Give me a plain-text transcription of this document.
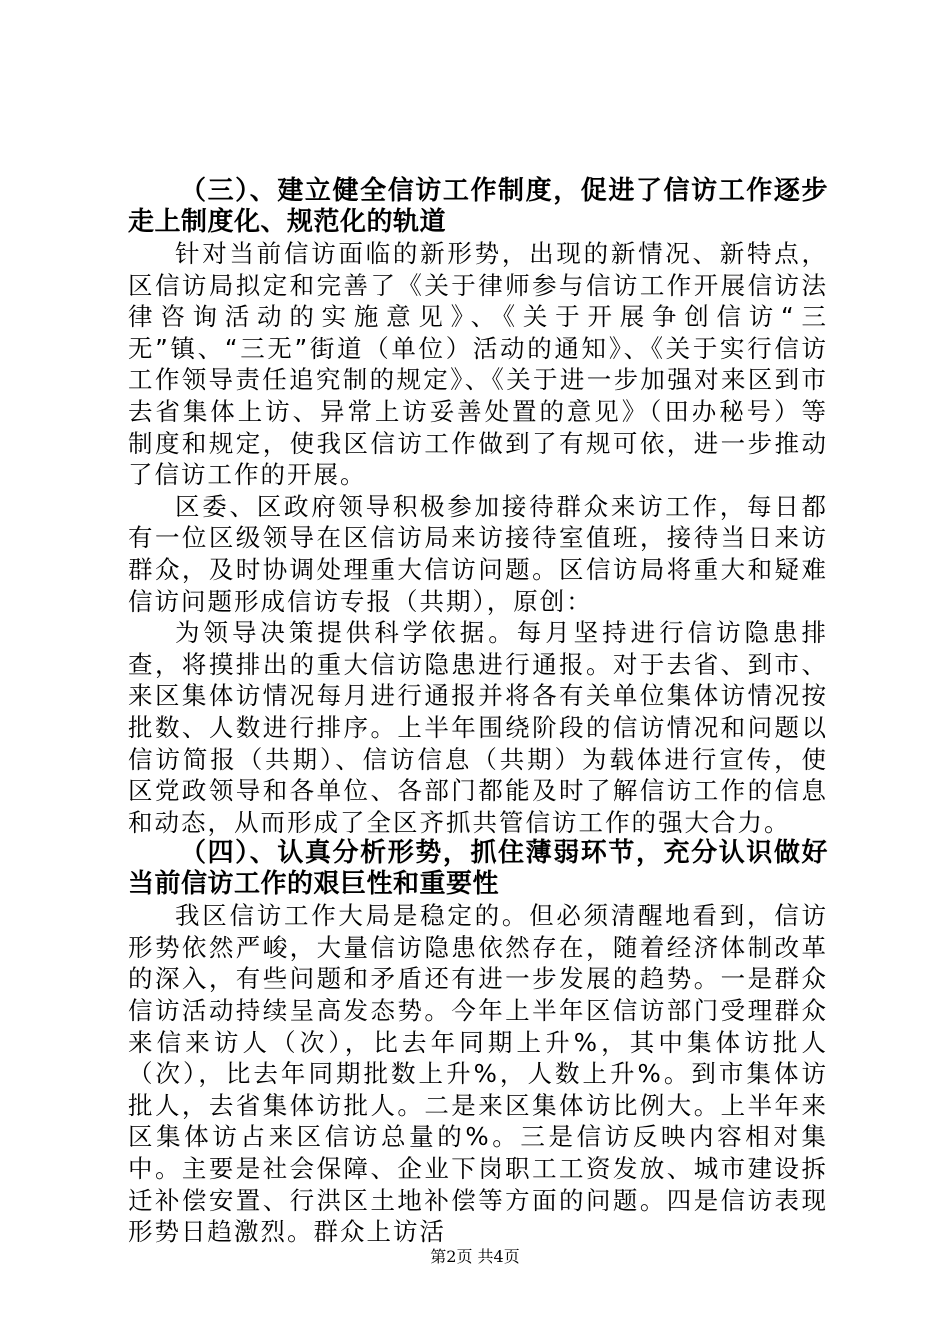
（三）、建立健全信访工作制度，促进了信访工作逐步走上制度化、规范化的轨道

针对当前信访面临的新形势，出现的新情况、新特点，区信访局拟定和完善了《关于律师参与信访工作开展信访法律咨询活动的实施意见》、《关于开展争创信访“三无”镇、“三无”街道（单位）活动的通知》、《关于实行信访工作领导责任追究制的规定》、《关于进一步加强对来区到市去省集体上访、异常上访妥善处置的意见》（田办秘号）等制度和规定，使我区信访工作做到了有规可依，进一步推动了信访工作的开展。

区委、区政府领导积极参加接待群众来访工作，每日都有一位区级领导在区信访局来访接待室值班，接待当日来访群众，及时协调处理重大信访问题。区信访局将重大和疑难信访问题形成信访专报（共期），原创：

为领导决策提供科学依据。每月坚持进行信访隐患排查，将摸排出的重大信访隐患进行通报。对于去省、到市、来区集体访情况每月进行通报并将各有关单位集体访情况按批数、人数进行排序。上半年围绕阶段的信访情况和问题以信访简报（共期）、信访信息（共期）为载体进行宣传，使区党政领导和各单位、各部门都能及时了解信访工作的信息和动态，从而形成了全区齐抓共管信访工作的强大合力。

（四）、认真分析形势，抓住薄弱环节，充分认识做好当前信访工作的艰巨性和重要性

我区信访工作大局是稳定的。但必须清醒地看到，信访形势依然严峻，大量信访隐患依然存在，随着经济体制改革的深入，有些问题和矛盾还有进一步发展的趋势。一是群众信访活动持续呈高发态势。今年上半年区信访部门受理群众来信来访人（次），比去年同期上升%，其中集体访批人（次），比去年同期批数上升%，人数上升%。到市集体访批人，去省集体访批人。二是来区集体访比例大。上半年来区集体访占来区信访总量的%。三是信访反映内容相对集中。主要是社会保障、企业下岗职工工资发放、城市建设拆迁补偿安置、行洪区土地补偿等方面的问题。四是信访表现形势日趋激烈。群众上访活

第2页 共4页
